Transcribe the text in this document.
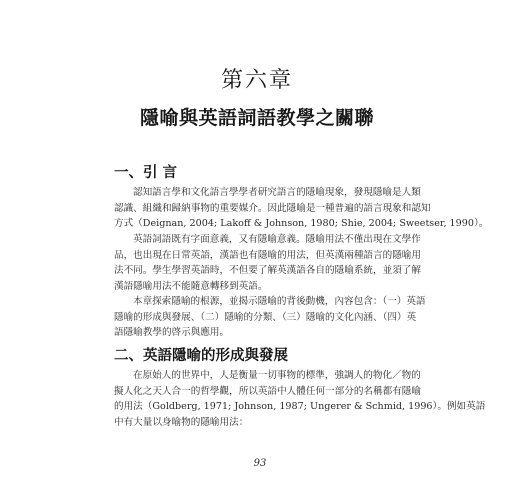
第六章
隱喻與英語詞語教學之關聯
一、引 言
認知語言學和文化語言學學者研究語言的隱喻現象，發現隱喻是人類
認識、組織和歸納事物的重要媒介。因此隱喻是一種普遍的語言現象和認知
方式（Deignan, 2004; Lakoff & Johnson, 1980; Shie, 2004; Sweetser, 1990）。
英語詞語既有字面意義，又有隱喻意義。隱喻用法不僅出現在文學作
品，也出現在日常英語，漢語也有隱喻的用法，但英漢兩種語言的隱喻用
法不同。學生學習英語時，不但要了解英漢語各自的隱喻系統，並須了解
漢語隱喻用法不能隨意轉移到英語。
本章探索隱喻的根源，並揭示隱喻的背後動機，內容包含：（一）英語
隱喻的形成與發展、（二）隱喻的分類、（三）隱喻的文化內涵、（四）英
語隱喻教學的啓示與應用。
二、英語隱喻的形成與發展
在原始人的世界中，人是衡量一切事物的標準，強調人的物化／物的
擬人化之天人合一的哲學觀，所以英語中人體任何一部分的名稱都有隱喻
的用法（Goldberg, 1971; Johnson, 1987; Ungerer & Schmid, 1996）。例如英語
中有大量以身喻物的隱喻用法：
93
